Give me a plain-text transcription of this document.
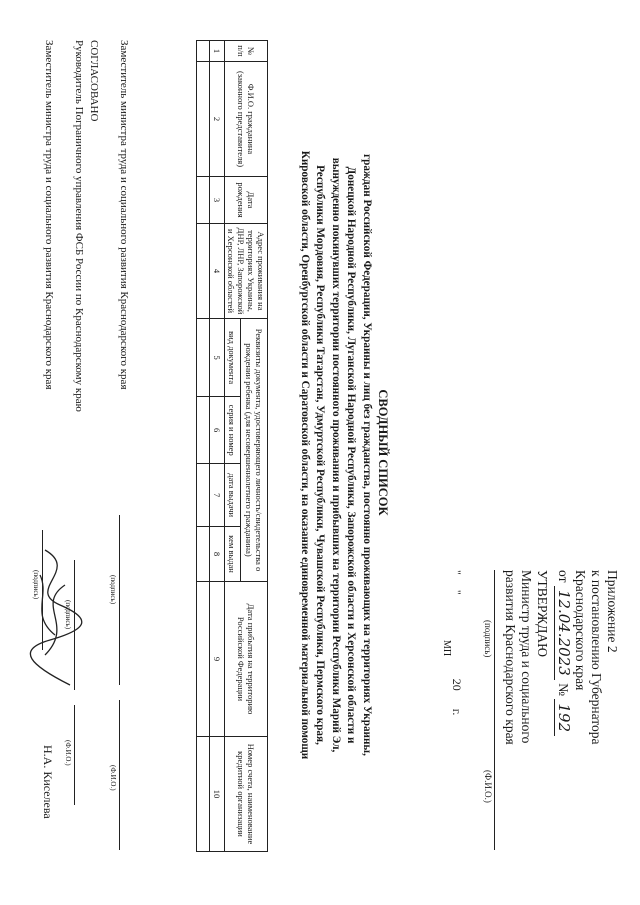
Приложение 2
к постановлению Губернатора
Краснодарского края
от 12.04.2023 № 192
УТВЕРЖДАЮ
Министр труда и социального
развития Краснодарского края
(подпись)
(Ф.И.О.)
"     "                            20      г.
МП
СВОДНЫЙ СПИСОК
граждан Российской Федерации, Украины и лиц без гражданства, постоянно проживающих на территориях Украины,
Донецкой Народной Республики, Луганской Народной Республики, Запорожской области и Херсонской области и
вынужденно покинувших территории постоянного проживания и прибывших на территории Республики Марий Эл,
Республики Мордовия, Республики Татарстан, Удмуртской Республики, Чувашской Республики, Пермского края,
Кировской области, Оренбургской области и Саратовской области, на оказание единовременной материальной помощи
№ п/п	Ф.И.О. гражданина (законного представителя)	Дата рождения	Адрес проживания на территориях Украины, ДНР, ЛНР, Запорожской и Херсонской областей	Реквизиты документа, удостоверяющего личность/свидетельства о рождении ребенка (для несовершеннолетнего гражданина)				Дата прибытия на территорию Российской Федерации	Номер счета, наименование кредитной организации
				вид документа	серия и номер	дата выдачи	кем выдан		
1	2	3	4	5	6	7	8	9	10

Заместитель министра труда и социального развития Краснодарского края
(подпись)
(Ф.И.О.)
СОГЛАСОВАНО
Руководитель Пограничного управления ФСБ России по Краснодарскому краю
(подпись)
(Ф.И.О.)
Заместитель министра труда и социального развития Краснодарского края
(подпись)
Н.А. Киселева
